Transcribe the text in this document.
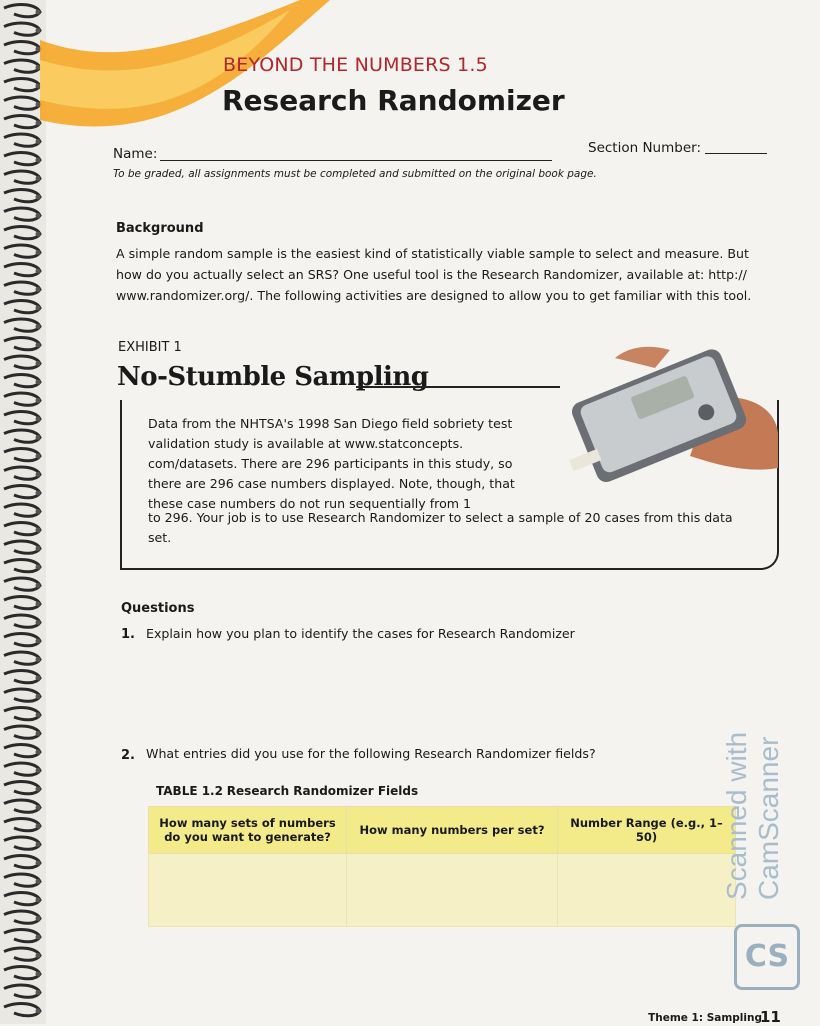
BEYOND THE NUMBERS 1.5
Research Randomizer
Name:	Section Number:
To be graded, all assignments must be completed and submitted on the original book page.
Background
A simple random sample is the easiest kind of statistically viable sample to select and measure. But how do you actually select an SRS? One useful tool is the Research Randomizer, available at: http:// www.randomizer.org/. The following activities are designed to allow you to get familiar with this tool.
EXHIBIT 1
No-Stumble Sampling
Data from the NHTSA's 1998 San Diego field sobriety test validation study is available at www.statconcepts. com/datasets. There are 296 participants in this study, so there are 296 case numbers displayed. Note, though, that these case numbers do not run sequentially from 1
to 296. Your job is to use Research Randomizer to select a sample of 20 cases from this data set.
Questions
1. Explain how you plan to identify the cases for Research Randomizer
2. What entries did you use for the following Research Randomizer fields?
TABLE 1.2 Research Randomizer Fields
How many sets of numbers do you want to generate?	How many numbers per set?	Number Range (e.g., 1–50)
		Scanned with CamScanner
CS
Theme 1: Sampling
11
